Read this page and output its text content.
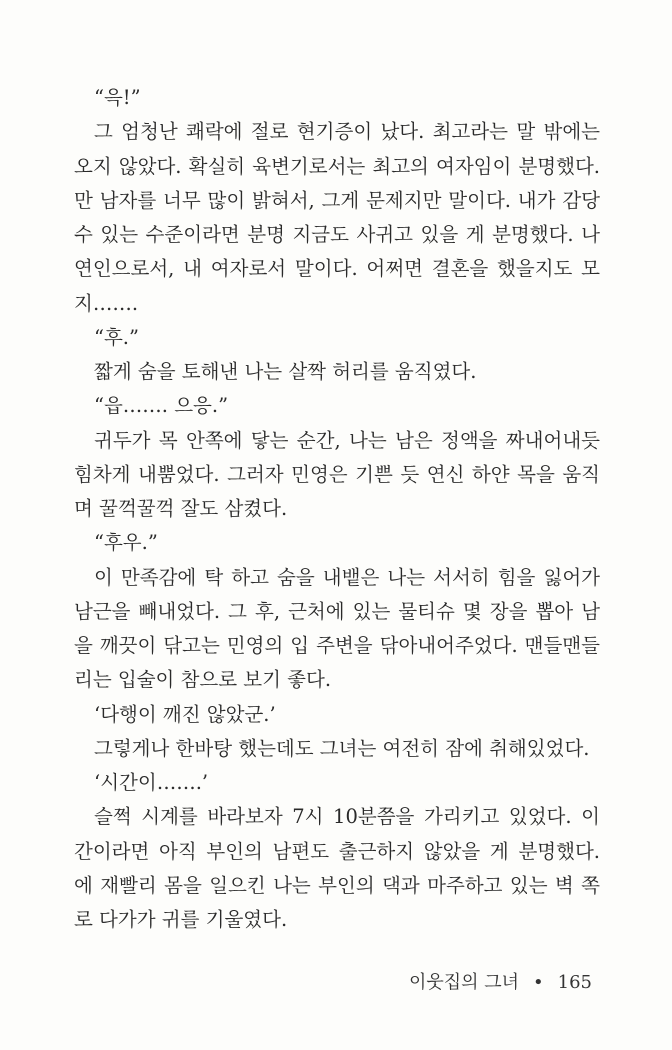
“윽!”
그 엄청난 쾌락에 절로 현기증이 났다. 최고라는 말 밖에는
오지 않았다. 확실히 육변기로서는 최고의 여자임이 분명했다.
만 남자를 너무 많이 밝혀서, 그게 문제지만 말이다. 내가 감당
수 있는 수준이라면 분명 지금도 사귀고 있을 게 분명했다. 나
연인으로서, 내 여자로서 말이다. 어쩌면 결혼을 했을지도 모
지…….
“후.”
짧게 숨을 토해낸 나는 살짝 허리를 움직였다.
“읍……. 으응.”
귀두가 목 안쪽에 닿는 순간, 나는 남은 정액을 짜내어내듯
힘차게 내뿜었다. 그러자 민영은 기쁜 듯 연신 하얀 목을 움직
며 꿀꺽꿀꺽 잘도 삼켰다.
“후우.”
이 만족감에 탁 하고 숨을 내뱉은 나는 서서히 힘을 잃어가
남근을 빼내었다. 그 후, 근처에 있는 물티슈 몇 장을 뽑아 남
을 깨끗이 닦고는 민영의 입 주변을 닦아내어주었다. 맨들맨들
리는 입술이 참으로 보기 좋다.
‘다행이 깨진 않았군.’
그렇게나 한바탕 했는데도 그녀는 여전히 잠에 취해있었다.
‘시간이…….’
슬쩍 시계를 바라보자 7시 10분쯤을 가리키고 있었다. 이
간이라면 아직 부인의 남편도 출근하지 않았을 게 분명했다.
에 재빨리 몸을 일으킨 나는 부인의 댁과 마주하고 있는 벽 쪽
로 다가가 귀를 기울였다.
이웃집의 그녀 • 165
